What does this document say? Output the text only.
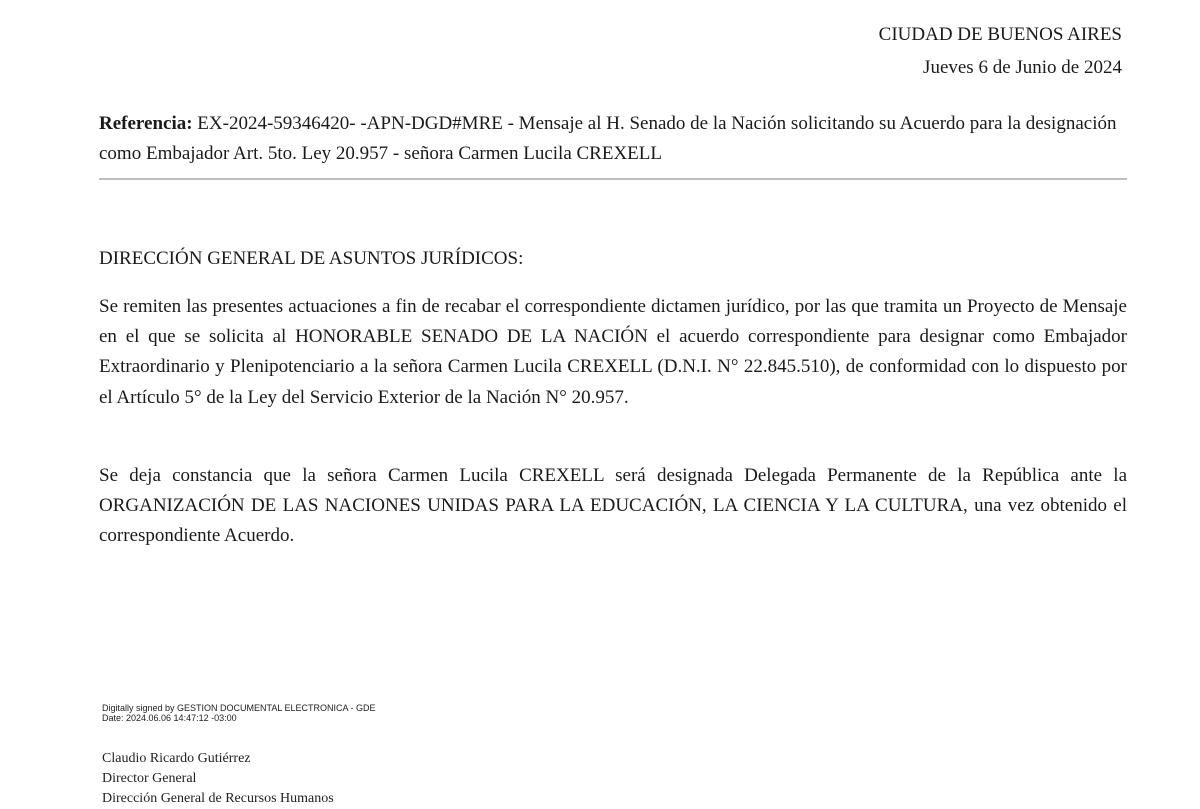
CIUDAD DE BUENOS AIRES
Jueves 6 de Junio de 2024
Referencia: EX-2024-59346420- -APN-DGD#MRE - Mensaje al H. Senado de la Nación solicitando su Acuerdo para la designación como Embajador Art. 5to. Ley 20.957 - señora Carmen Lucila CREXELL
DIRECCIÓN GENERAL DE ASUNTOS JURÍDICOS:
Se remiten las presentes actuaciones a fin de recabar el correspondiente dictamen jurídico, por las que tramita un Proyecto de Mensaje en el que se solicita al HONORABLE SENADO DE LA NACIÓN el acuerdo correspondiente para designar como Embajador Extraordinario y Plenipotenciario a la señora Carmen Lucila CREXELL (D.N.I. N° 22.845.510), de conformidad con lo dispuesto por el Artículo 5° de la Ley del Servicio Exterior de la Nación N° 20.957.
Se deja constancia que la señora Carmen Lucila CREXELL será designada Delegada Permanente de la República ante la ORGANIZACIÓN DE LAS NACIONES UNIDAS PARA LA EDUCACIÓN, LA CIENCIA Y LA CULTURA, una vez obtenido el correspondiente Acuerdo.
Digitally signed by GESTION DOCUMENTAL ELECTRONICA - GDE
Date: 2024.06.06 14:47:12 -03:00
Claudio Ricardo Gutiérrez
Director General
Dirección General de Recursos Humanos
